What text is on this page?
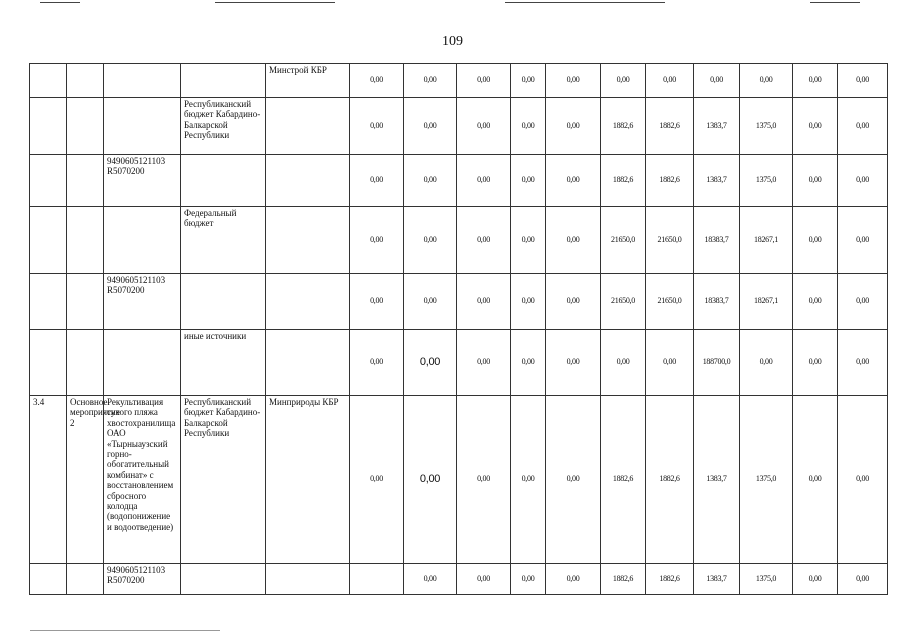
109
				Минстрой КБР	0,00	0,00	0,00	0,00	0,00	0,00	0,00	0,00	0,00	0,00	0,00
			Республиканский бюджет Кабардино-Балкарской Республики		0,00	0,00	0,00	0,00	0,00	1882,6	1882,6	1383,7	1375,0	0,00	0,00
		9490605121103 R5070200			0,00	0,00	0,00	0,00	0,00	1882,6	1882,6	1383,7	1375,0	0,00	0,00
			Федеральный бюджет		0,00	0,00	0,00	0,00	0,00	21650,0	21650,0	18383,7	18267,1	0,00	0,00
		9490605121103 R5070200			0,00	0,00	0,00	0,00	0,00	21650,0	21650,0	18383,7	18267,1	0,00	0,00
			иные источники		0,00	0,00	0,00	0,00	0,00	0,00	0,00	188700,0	0,00	0,00	0,00
3.4	Основное мероприятие 2	Рекультивация сухого пляжа хвостохранилища ОАО «Тырныаузский горно-обогатительный комбинат» с восстановлением сбросного колодца (водопонижение и водоотведение)	Республиканский бюджет Кабардино-Балкарской Республики	Минприроды КБР	0,00	0,00	0,00	0,00	0,00	1882,6	1882,6	1383,7	1375,0	0,00	0,00
		9490605121103 R5070200				0,00	0,00	0,00	0,00	1882,6	1882,6	1383,7	1375,0	0,00	0,00
